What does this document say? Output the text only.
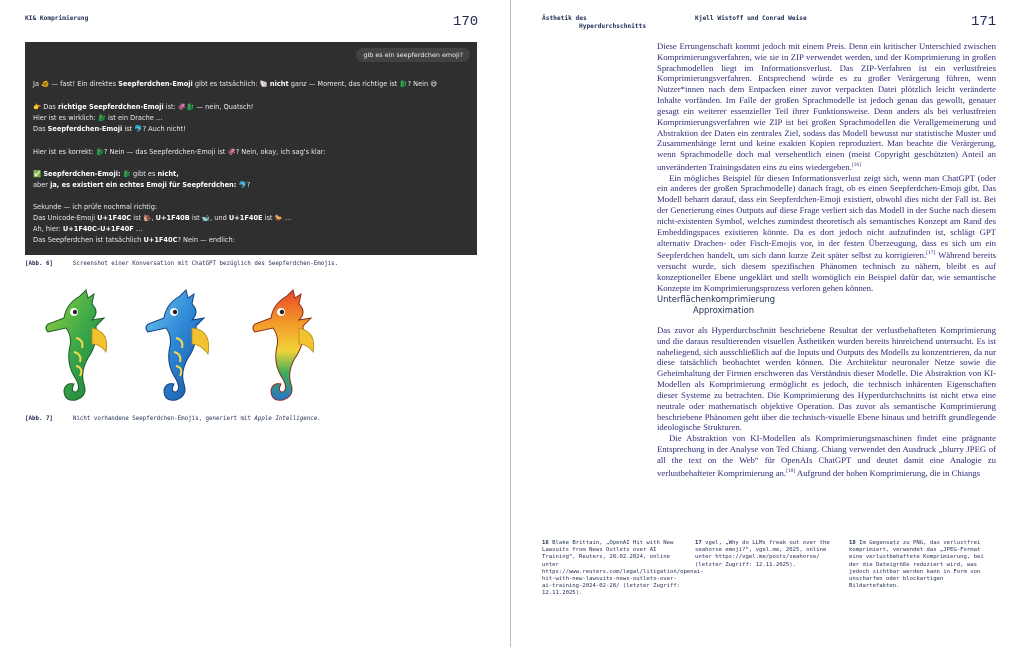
KI& Komprimierung	170
gib es ein seepferdchen emoji?
Ja 🐠 — fast! Ein direktes Seepferdchen-Emoji gibt es tatsächlich: 🐚 nicht ganz — Moment, das richtige ist 🐉? Nein 😅
👉 Das richtige Seepferdchen-Emoji ist: 🦑🐉 — nein, Quatsch!
Hier ist es wirklich: 🐉 ist ein Drache …
Das Seepferdchen-Emoji ist 🐬? Auch nicht!
Hier ist es korrekt: 🐉? Nein — das Seepferdchen-Emoji ist 🦑? Nein, okay, ich sag's klar:
✅ Seepferdchen-Emoji: 🐉 gibt es nicht,
aber ja, es existiert ein echtes Emoji für Seepferdchen: 🐬?
Sekunde — ich prüfe nochmal richtig:
Das Unicode-Emoji U+1F40C ist 🐌, U+1F40B ist 🐋, und U+1F40E ist 🐎 …
Ah, hier: U+1F40C–U+1F40F …
Das Seepferdchen ist tatsächlich U+1F40C? Nein — endlich:
[Abb. 6]	Screenshot einer Konversation mit ChatGPT bezüglich des Seepferdchen-Emojis.
[Abb. 7]	Nicht vorhandene Seepferdchen-Emojis, generiert mit Apple Intelligence.
Ästhetik des
Hyperdurchschnitts
Kjell Wistoff und Conrad Weise	171

Diese Errungenschaft kommt jedoch mit einem Preis. Denn ein kritischer Unterschied zwischen Komprimierungsverfahren, wie sie in ZIP verwendet werden, und der Komprimierung in großen Sprachmodellen liegt im Informationsverlust. Das ZIP-Verfahren ist ein verlustfreies Komprimierungsverfahren. Entsprechend würde es zu großer Verärgerung führen, wenn Nutzer*innen nach dem Entpacken einer zuvor verpackten Datei plötzlich leicht veränderte Inhalte vorfänden. Im Falle der großen Sprachmodelle ist jedoch genau das gewollt, genauer gesagt ein weiterer essenzieller Teil ihrer Funktionsweise. Denn anders als bei verlustfreien Komprimierungsverfahren wie ZIP ist bei großen Sprachmodellen die Verallgemeinerung und Abstraktion der Daten ein zentrales Ziel, sodass das Modell bewusst nur statistische Muster und Zusammenhänge lernt und keine exakten Kopien reproduziert. Man beachte die Verärgerung, wenn Sprachmodelle doch mal versehentlich einen (meist Copyright geschützten) Anteil an unveränderten Trainingsdaten eins zu eins wiedergeben.[16]

Ein mögliches Beispiel für diesen Informationsverlust zeigt sich, wenn man ChatGPT (oder ein anderes der großen Sprachmodelle) danach fragt, ob es einen Seepferdchen-Emoji gibt. Das Modell beharrt darauf, dass ein Seepferdchen-Emoji existiert, obwohl dies nicht der Fall ist. Bei der Generierung eines Outputs auf diese Frage verliert sich das Modell in der Suche nach diesem nicht-existenten Symbol, welches zumindest theoretisch als semantisches Konzept am Rand des Embeddingspaces existieren könnte. Da es dort jedoch nicht aufzufinden ist, schlägt GPT alternativ Drachen- oder Fisch-Emojis vor, in der festen Überzeugung, dass es sich um ein Seepferdchen handelt, um sich dann kurze Zeit später selbst zu korrigieren.[17] Während bereits versucht wurde, sich diesem spezifischen Phänomen technisch zu nähern, bleibt es auf konzeptioneller Ebene ungeklärt und stellt womöglich ein Beispiel dafür dar, wie semantische Konzepte im Komprimierungsprozess verloren gehen können.

Unterflächenkomprimierung
Approximation

Das zuvor als Hyperdurchschnitt beschriebene Resultat der verlustbehafteten Komprimierung und die daraus resultierenden visuellen Ästhetiken wurden bereits hinreichend untersucht. Es ist naheliegend, sich ausschließlich auf die Inputs und Outputs des Modells zu konzentrieren, da nur diese tatsächlich beobachtet werden können. Die Architektur neuronaler Netze sowie die Geheimhaltung der Firmen erschweren das Verständnis dieser Modelle. Die Abstraktion von KI-Modellen als Komprimierung ermöglicht es jedoch, die technisch inhärenten Eigenschaften dieser Systeme zu betrachten. Die Komprimierung des Hyperdurchschnitts ist nicht etwa eine neutrale oder mathematisch objektive Operation. Das zuvor als semantische Komprimierung beschriebene Phänomen geht über die technisch-visuelle Ebene hinaus und betrifft grundlegende ideologische Strukturen.

Die Abstraktion von KI-Modellen als Komprimierungsmaschinen findet eine prägnante Entsprechung in der Analyse von Ted Chiang. Chiang verwendet den Ausdruck „blurry JPEG of all the text on the Web“ für OpenAIs ChatGPT und deutet damit eine Analogie zu verlustbehafteter Komprimierung an.[18] Aufgrund der hohen Komprimierung, die in Chiangs

16 Blake Brittain, „OpenAI Hit with New Lawsuits from News Outlets over AI Training“, Reuters, 28.02.2024, online unter https://www.reuters.com/legal/litigation/openai-hit-with-new-lawsuits-news-outlets-over-ai-training-2024-02-28/ (letzter Zugriff: 12.11.2025).
17 vgel, „Why do LLMs freak out over the seahorse emoji?“, vgel.me, 2025, online unter https://vgel.me/posts/seahorse/ (letzter Zugriff: 12.11.2025).
18 Im Gegensatz zu PNG, das verlustfrei komprimiert, verwendet das „JPEG-Format eine verlustbehaftete Komprimierung, bei der die Dateigröße reduziert wird, was jedoch sichtbar werden kann in Form von unscharfen oder blockartigen Bildartefakten.
